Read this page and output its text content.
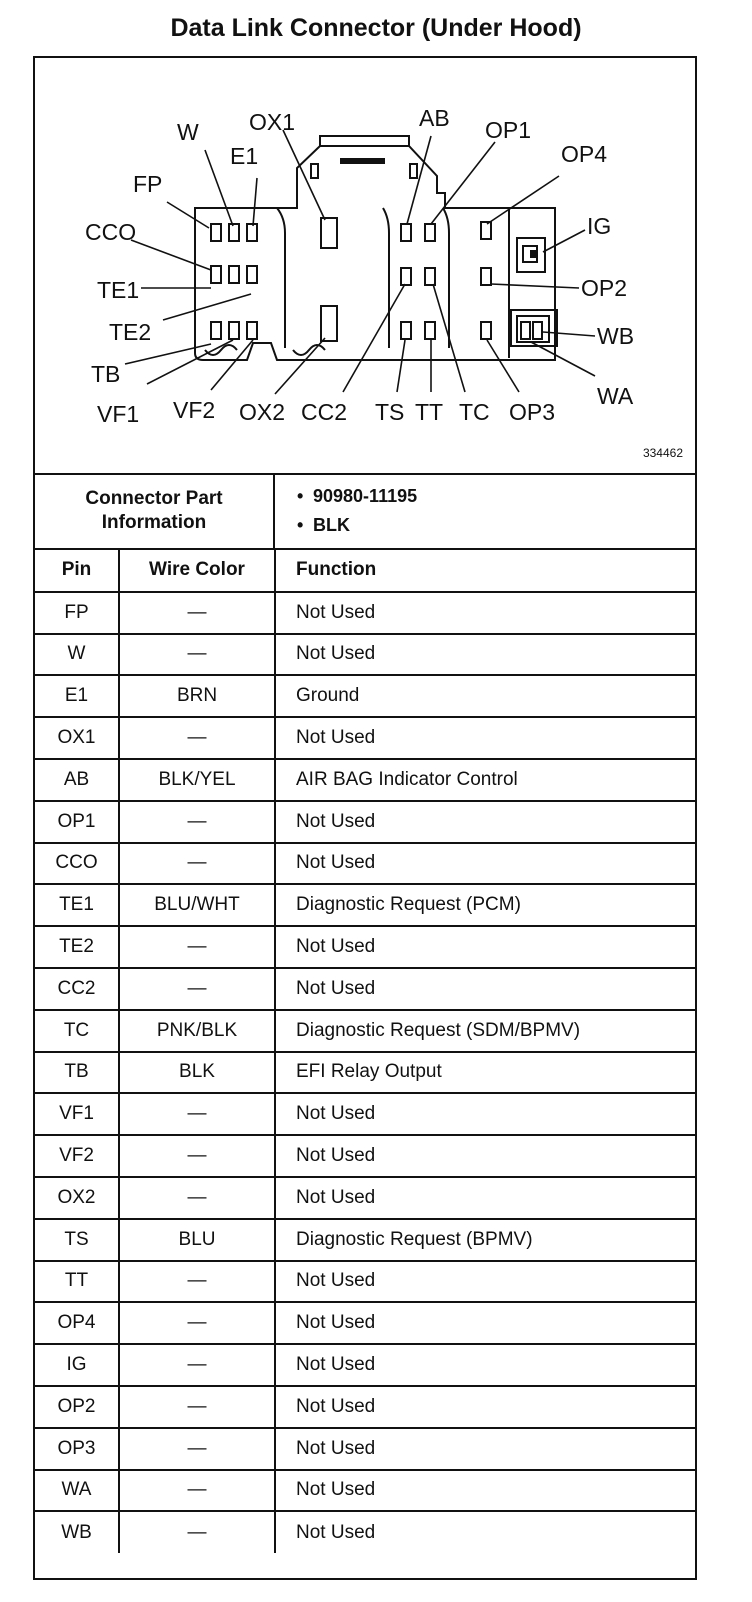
Data Link Connector (Under Hood)
W OX1	AB OP1
E1	OP4
FP
CCO	IG
TE1	OP2
TE2	WB
TB
WA
VF1 VF2 OX2 CC2 TS TT TC OP3
334462
Connector Part
Information
• 90980-11195
• BLK
Pin	Wire Color	Function
FP	—	Not Used
W	—	Not Used
E1	BRN	Ground
OX1	—	Not Used
AB	BLK/YEL	AIR BAG Indicator Control
OP1	—	Not Used
CCO	—	Not Used
TE1	BLU/WHT	Diagnostic Request (PCM)
TE2	—	Not Used
CC2	—	Not Used
TC	PNK/BLK	Diagnostic Request (SDM/BPMV)
TB	BLK	EFI Relay Output
VF1	—	Not Used
VF2	—	Not Used
OX2	—	Not Used
TS	BLU	Diagnostic Request (BPMV)
TT	—	Not Used
OP4	—	Not Used
IG	—	Not Used
OP2	—	Not Used
OP3	—	Not Used
WA	—	Not Used
WB	—	Not Used
